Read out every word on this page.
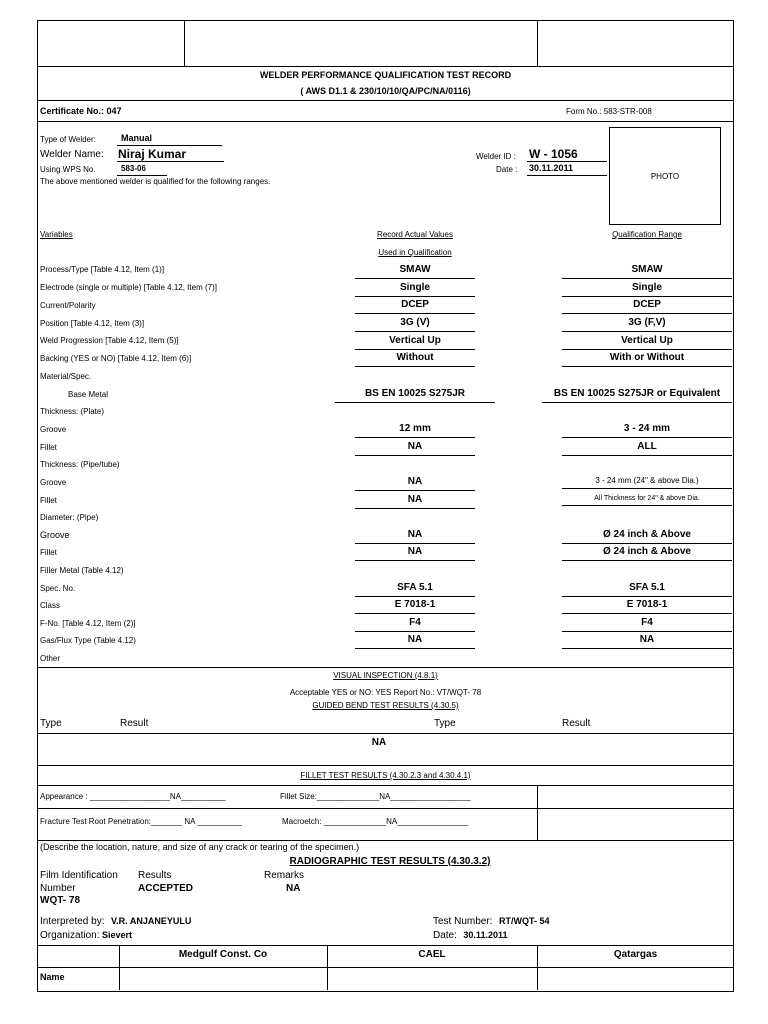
WELDER PERFORMANCE QUALIFICATION TEST RECORD
( AWS D1.1 & 230/10/10/QA/PC/NA/0116)
Certificate No.: 047	Form No.: 583-STR-008
Type of Welder:	Manual
Welder Name: Niraj Kumar
Using WPS No.	583-06
The above mentioned welder is qualified for the following ranges.
Welder ID : W - 1056
Date : 30.11.2011
PHOTO
Variables	Record Actual Values
Used in Qualification
Qualification Range
Process/Type [Table 4.12, Item (1)]	SMAW	SMAW
Electrode (single or multiple) [Table 4.12, Item (7)]	Single	Single
Current/Polarity	DCEP	DCEP
Position [Table 4.12, Item (3)]	3G (V)	3G (F,V)
Weld Progression [Table 4.12, Item (5)]	Vertical Up	Vertical Up
Backing (YES or NO) [Table 4.12, Item (6)]	Without	With or Without
Material/Spec.
Base Metal	BS EN 10025 S275JR	BS EN 10025 S275JR or Equivalent
Thickness: (Plate)
Groove	12 mm	3 - 24 mm
Fillet	NA	ALL
Thickness: (Pipe/tube)
Groove	NA	3 - 24 mm (24" & above Dia.)
Fillet	NA	All Thickness for 24" & above Dia.
Diameter: (Pipe)
Groove	NA	Ø 24 inch & Above
Fillet	NA	Ø 24 inch & Above
Filler Metal (Table 4.12)
Spec. No.	SFA 5.1	SFA 5.1
Class	E 7018-1	E 7018-1
F-No. [Table 4.12, Item (2)]	F4	F4
Gas/Flux Type (Table 4.12)	NA	NA
Other
VISUAL INSPECTION (4.8.1)
Acceptable YES or NO: YES Report No.: VT/WQT- 78
GUIDED BEND TEST RESULTS (4.30.5)
Type	Result	Type	Result
NA
FILLET TEST RESULTS (4.30.2.3 and 4.30.4.1)
Appearance : __________________NA__________	Fillet Size:______________NA__________________
Fracture Test Root Penetration:_______ NA __________	Macroetch: ______________NA________________
(Describe the location, nature, and size of any crack or tearing of the specimen.)
RADIOGRAPHIC TEST RESULTS (4.30.3.2)
Film Identification Results	Remarks
Number	ACCEPTED	NA
WQT- 78
Interpreted by: V.R. ANJANEYULU
Organization: Sievert
Test Number: RT/WQT- 54
Date: 30.11.2011
Medgulf Const. Co	CAEL	Qatargas
Name
